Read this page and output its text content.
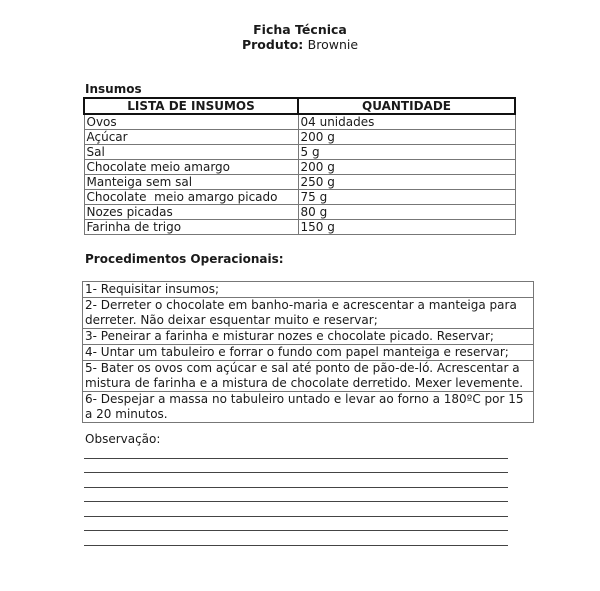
Ficha Técnica
Produto: Brownie
Insumos
LISTA DE INSUMOS	QUANTIDADE
Ovos	04 unidades
Açúcar	200 g
Sal	5 g
Chocolate meio amargo	200 g
Manteiga sem sal	250 g
Chocolate  meio amargo picado	75 g
Nozes picadas	80 g
Farinha de trigo	150 g
Procedimentos Operacionais:
1- Requisitar insumos;
2- Derreter o chocolate em banho-maria e acrescentar a manteiga para derreter. Não deixar esquentar muito e reservar;
3- Peneirar a farinha e misturar nozes e chocolate picado. Reservar;
4- Untar um tabuleiro e forrar o fundo com papel manteiga e reservar;
5- Bater os ovos com açúcar e sal até ponto de pão-de-ló. Acrescentar a mistura de farinha e a mistura de chocolate derretido. Mexer levemente.
6- Despejar a massa no tabuleiro untado e levar ao forno a 180ºC por 15 a 20 minutos.
Observação:
